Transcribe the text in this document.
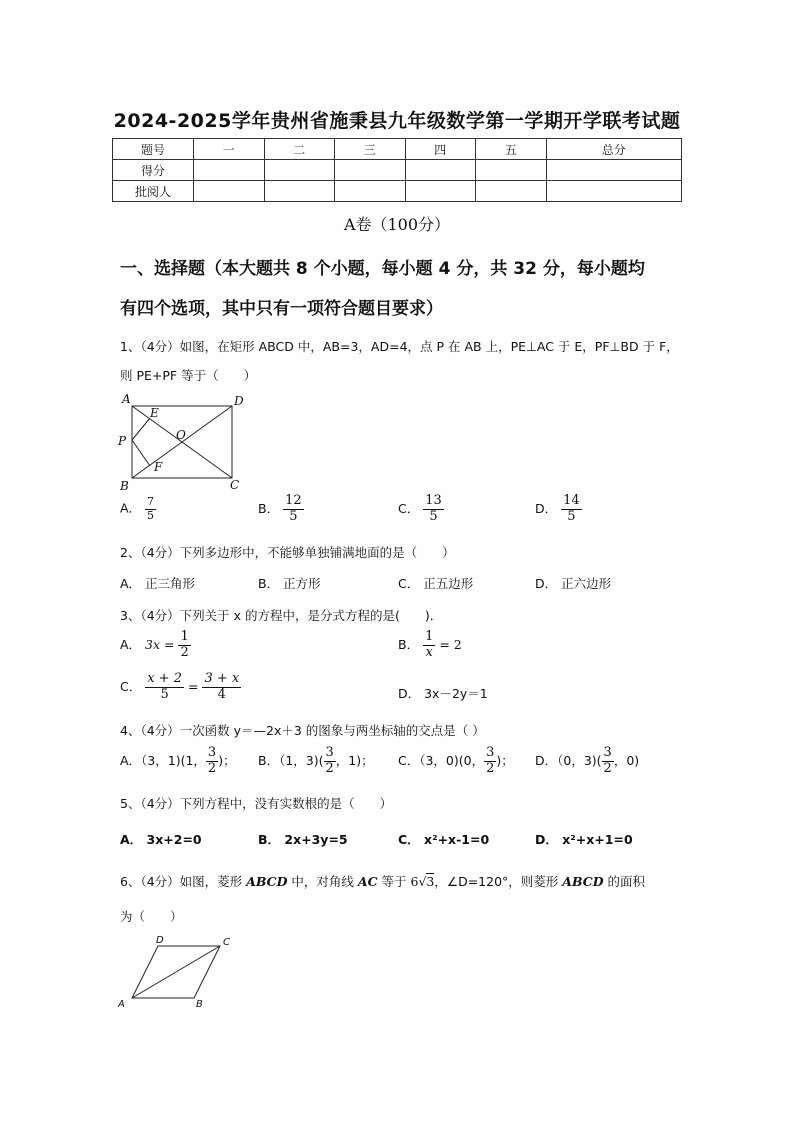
2024-2025学年贵州省施秉县九年级数学第一学期开学联考试题
题号	一	二	三	四	五	总分
得分						
批阅人						
A卷（100分）
一、选择题（本大题共 8 个小题，每小题 4 分，共 32 分，每小题均
有四个选项，其中只有一项符合题目要求）
1、（4分）如图，在矩形 ABCD 中，AB=3，AD=4，点 P 在 AB 上，PE⊥AC 于 E，PF⊥BD 于 F，
则 PE+PF 等于（　　）
A	D
E
P	O
F
B	C
A． $\frac{7}{5}$	B． $\frac{12}{5}$	C． $\frac{13}{5}$	D． $\frac{14}{5}$
2、（4分）下列多边形中，不能够单独铺满地面的是（　　）
A． 正三角形	B． 正方形	C． 正五边形	D． 正六边形
3、（4分）下列关于 x 的方程中，是分式方程的是(　　)．
A． $3x = \frac{1}{2}$	B． $\frac{1}{x} = 2$
C． $\frac{x + 2}{5} = \frac{3 + x}{4}$	D． 3x－2y＝1
4、（4分）一次函数 y＝—2x＋3 的图象与两坐标轴的交点是（ ）
A．（3，1)(1， $\frac{3}{2}$ )； B．（1，$3)( \frac{3}{2}$ ，1)； C．（3，0)(0， $\frac{3}{2}$ )； D．（0，$3)( \frac{3}{2}$ ，0)
5、（4分）下列方程中，没有实数根的是（　　）
A． 3x+2=0	B． 2x+3y=5	C． x²+x-1=0	D． x²+x+1=0
6、（4分）如图，菱形 ABCD 中，对角线 AC 等于 6√3，∠D=120°，则菱形 ABCD 的面积
为（　　）
D	C
A	B
